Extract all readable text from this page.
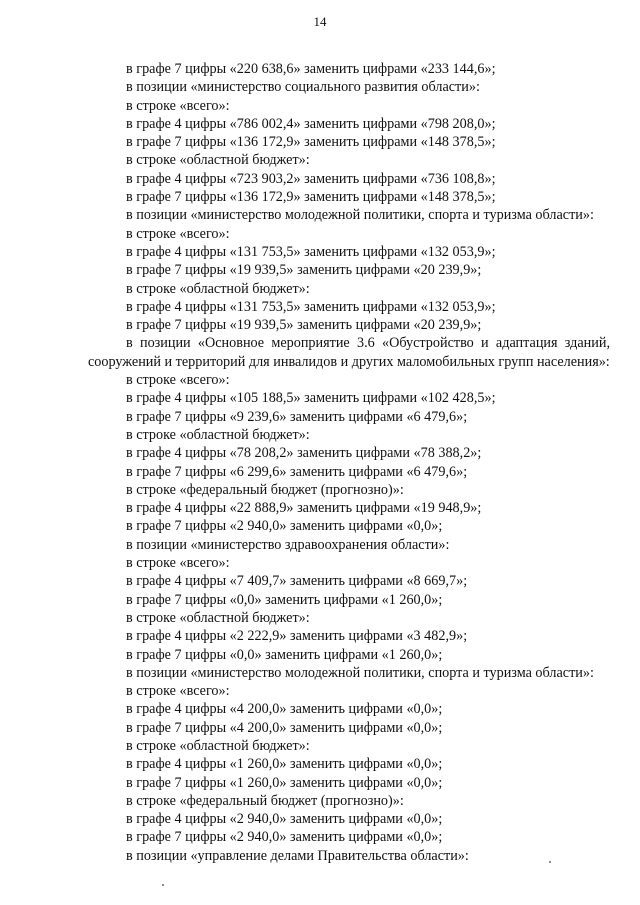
14
в графе 7 цифры «220 638,6» заменить цифрами «233 144,6»;
в позиции «министерство социального развития области»:
в строке «всего»:
в графе 4 цифры «786 002,4» заменить цифрами «798 208,0»;
в графе 7 цифры «136 172,9» заменить цифрами «148 378,5»;
в строке «областной бюджет»:
в графе 4 цифры «723 903,2» заменить цифрами «736 108,8»;
в графе 7 цифры «136 172,9» заменить цифрами «148 378,5»;
в позиции «министерство молодежной политики, спорта и туризма области»:
в строке «всего»:
в графе 4 цифры «131 753,5» заменить цифрами «132 053,9»;
в графе 7 цифры «19 939,5» заменить цифрами «20 239,9»;
в строке «областной бюджет»:
в графе 4 цифры «131 753,5» заменить цифрами «132 053,9»;
в графе 7 цифры «19 939,5» заменить цифрами «20 239,9»;
в позиции «Основное мероприятие 3.6 «Обустройство и адаптация зданий, сооружений и территорий для инвалидов и других маломобильных групп населения»:
в строке «всего»:
в графе 4 цифры «105 188,5» заменить цифрами «102 428,5»;
в графе 7 цифры «9 239,6» заменить цифрами «6 479,6»;
в строке «областной бюджет»:
в графе 4 цифры «78 208,2» заменить цифрами «78 388,2»;
в графе 7 цифры «6 299,6» заменить цифрами «6 479,6»;
в строке «федеральный бюджет (прогнозно)»:
в графе 4 цифры «22 888,9» заменить цифрами «19 948,9»;
в графе 7 цифры «2 940,0» заменить цифрами «0,0»;
в позиции «министерство здравоохранения области»:
в строке «всего»:
в графе 4 цифры «7 409,7» заменить цифрами «8 669,7»;
в графе 7 цифры «0,0» заменить цифрами «1 260,0»;
в строке «областной бюджет»:
в графе 4 цифры «2 222,9» заменить цифрами «3 482,9»;
в графе 7 цифры «0,0» заменить цифрами «1 260,0»;
в позиции «министерство молодежной политики, спорта и туризма области»:
в строке «всего»:
в графе 4 цифры «4 200,0» заменить цифрами «0,0»;
в графе 7 цифры «4 200,0» заменить цифрами «0,0»;
в строке «областной бюджет»:
в графе 4 цифры «1 260,0» заменить цифрами «0,0»;
в графе 7 цифры «1 260,0» заменить цифрами «0,0»;
в строке «федеральный бюджет (прогнозно)»:
в графе 4 цифры «2 940,0» заменить цифрами «0,0»;
в графе 7 цифры «2 940,0» заменить цифрами «0,0»;
в позиции «управление делами Правительства области»:
